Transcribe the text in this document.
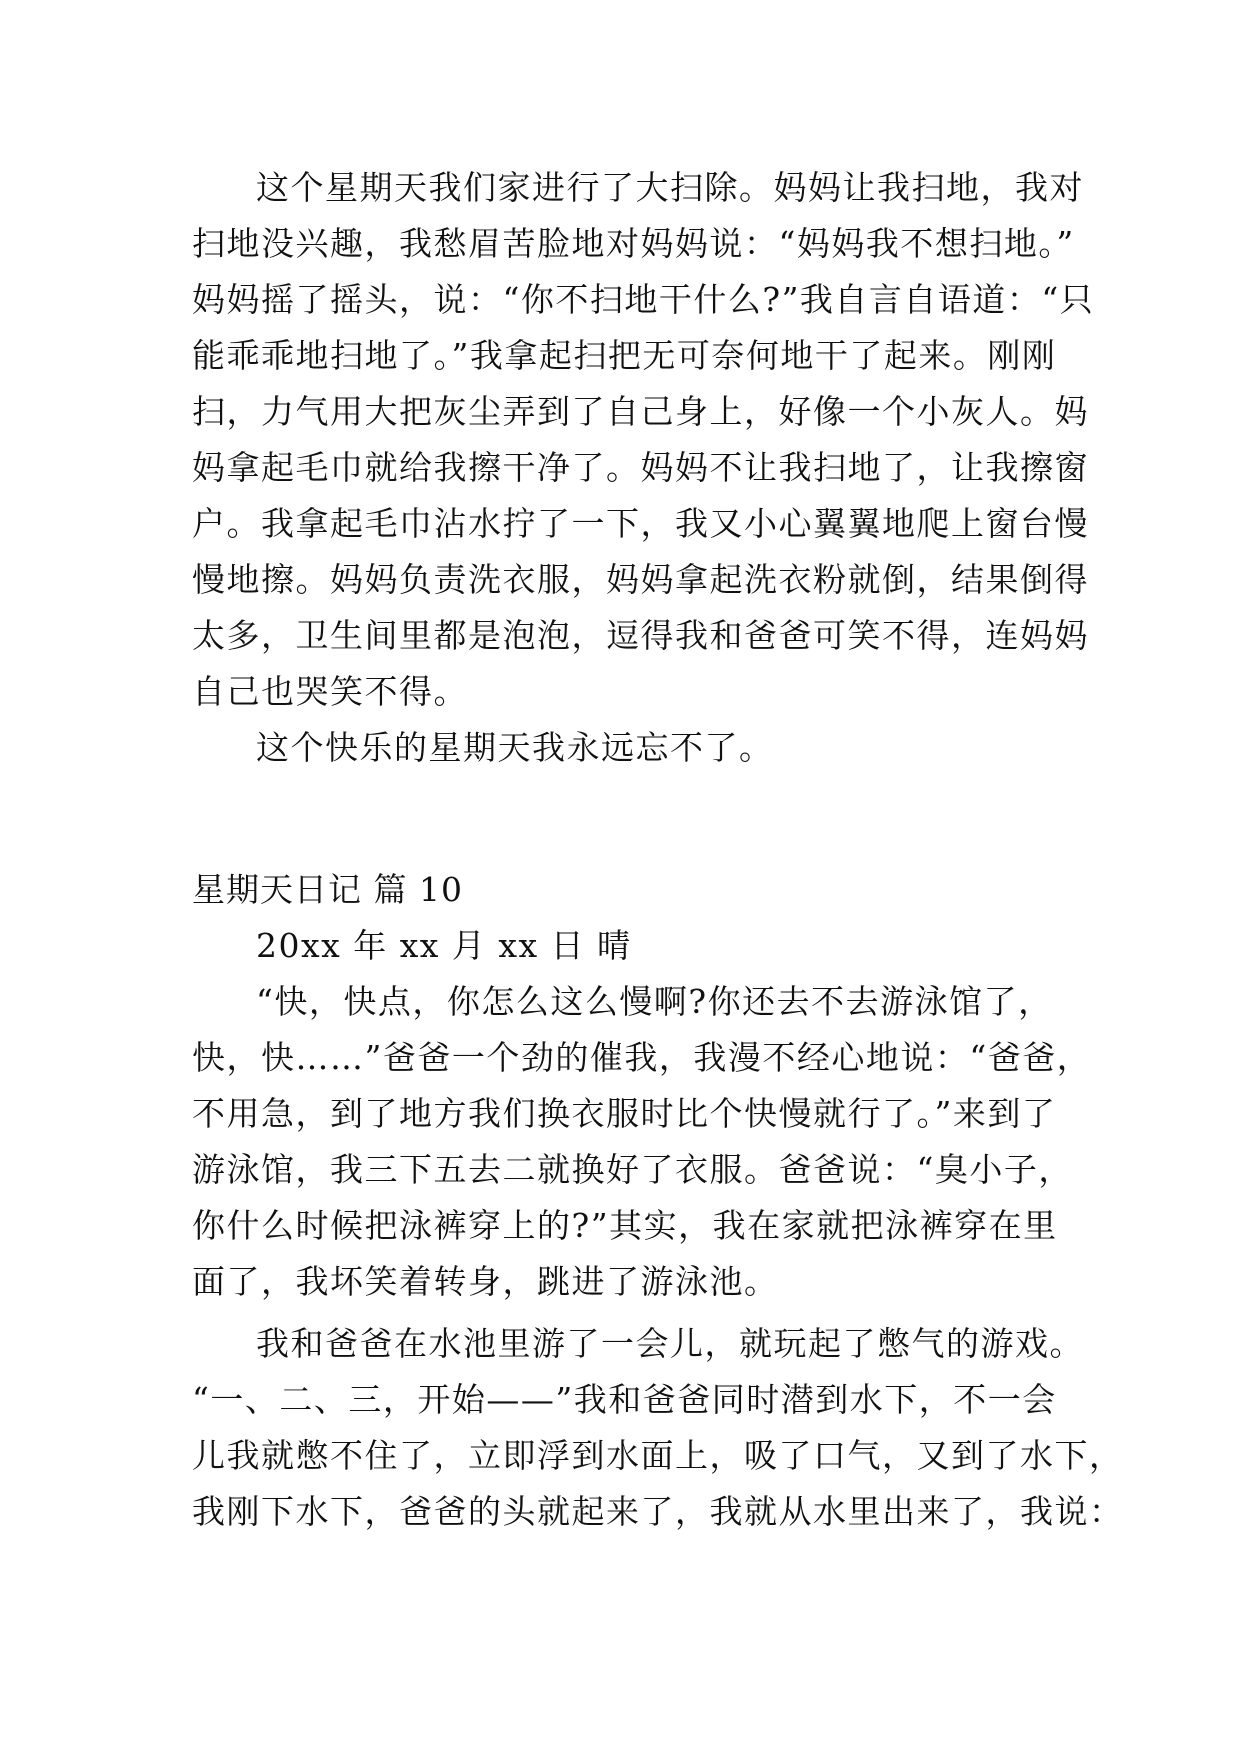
这个星期天我们家进行了大扫除。妈妈让我扫地，我对
扫地没兴趣，我愁眉苦脸地对妈妈说：“妈妈我不想扫地。”
妈妈摇了摇头，说：“你不扫地干什么?”我自言自语道：“只
能乖乖地扫地了。”我拿起扫把无可奈何地干了起来。刚刚
扫，力气用大把灰尘弄到了自己身上，好像一个小灰人。妈
妈拿起毛巾就给我擦干净了。妈妈不让我扫地了，让我擦窗
户。我拿起毛巾沾水拧了一下，我又小心翼翼地爬上窗台慢
慢地擦。妈妈负责洗衣服，妈妈拿起洗衣粉就倒，结果倒得
太多，卫生间里都是泡泡，逗得我和爸爸可笑不得，连妈妈
自己也哭笑不得。
这个快乐的星期天我永远忘不了。
星期天日记 篇 10
20xx 年 xx 月 xx 日 晴
“快，快点，你怎么这么慢啊?你还去不去游泳馆了，
快，快……”爸爸一个劲的催我，我漫不经心地说：“爸爸，
不用急，到了地方我们换衣服时比个快慢就行了。”来到了
游泳馆，我三下五去二就换好了衣服。爸爸说：“臭小子，
你什么时候把泳裤穿上的?”其实，我在家就把泳裤穿在里
面了，我坏笑着转身，跳进了游泳池。
我和爸爸在水池里游了一会儿，就玩起了憋气的游戏。
“一、二、三，开始——”我和爸爸同时潜到水下，不一会
儿我就憋不住了，立即浮到水面上，吸了口气，又到了水下，
我刚下水下，爸爸的头就起来了，我就从水里出来了，我说：
